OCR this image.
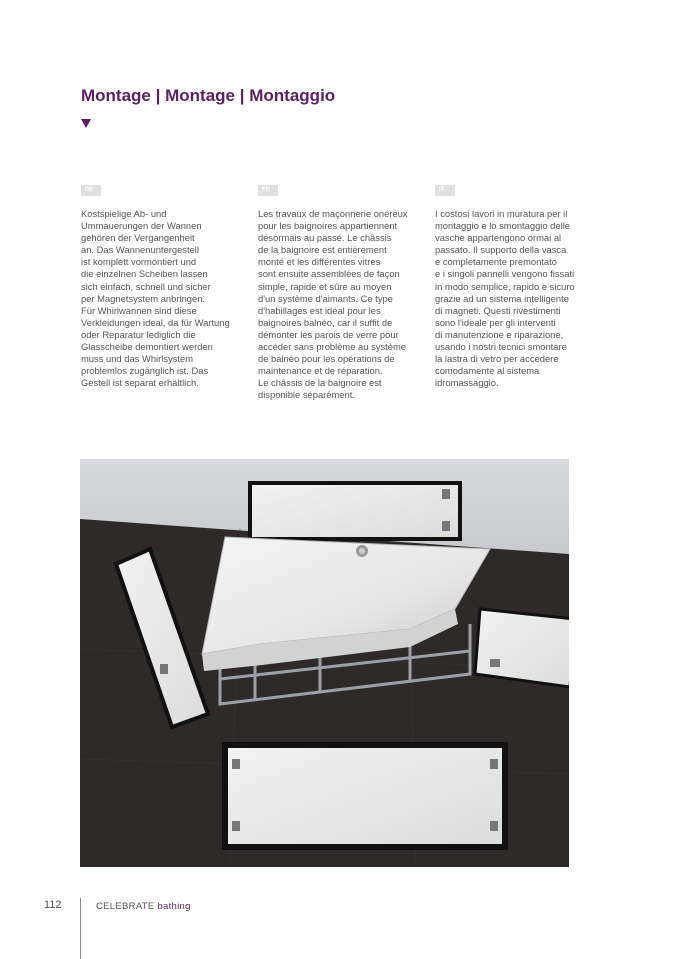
Montage | Montage | Montaggio
DE	FR	IT
Kostspielige Ab- und
Ummauerungen der Wannen
gehören der Vergangenheit
an. Das Wannenuntergestell
ist komplett vormontiert und
die einzelnen Scheiben lassen
sich einfach, schnell und sicher
per Magnetsystem anbringen.
Für Whirlwannen sind diese
Verkleidungen ideal, da für Wartung
oder Reparatur lediglich die
Glasscheibe demontiert werden
muss und das Whirlsystem
problemlos zugänglich ist. Das
Gestell ist separat erhältlich.
Les travaux de maçonnerie onéreux
pour les baignoires appartiennent
désormais au passé. Le châssis
de la baignoire est entièrement
monté et les différentes vitres
sont ensuite assemblées de façon
simple, rapide et sûre au moyen
d'un système d'aimants. Ce type
d'habillages est idéal pour les
baignoires balnéo, car il suffit de
démonter les parois de verre pour
accéder sans problème au système
de balnéo pour les opérations de
maintenance et de réparation.
Le châssis de la baignoire est
disponible séparément.
I costosi lavori in muratura per il
montaggio e lo smontaggio delle
vasche appartengono ormai al
passato. Il supporto della vasca
e completamente premontato
e i singoli pannelli vengono fissati
in modo semplice, rapido e sicuro
grazie ad un sistema intelligente
di magneti. Questi rivestimenti
sono l'ideale per gli interventi
di manutenzione e riparazione,
usando i nostri tecnici smontare
la lastra di vetro per accedere
comodamente al sistema
idromassaggio.
112	CELEBRATE bathing
